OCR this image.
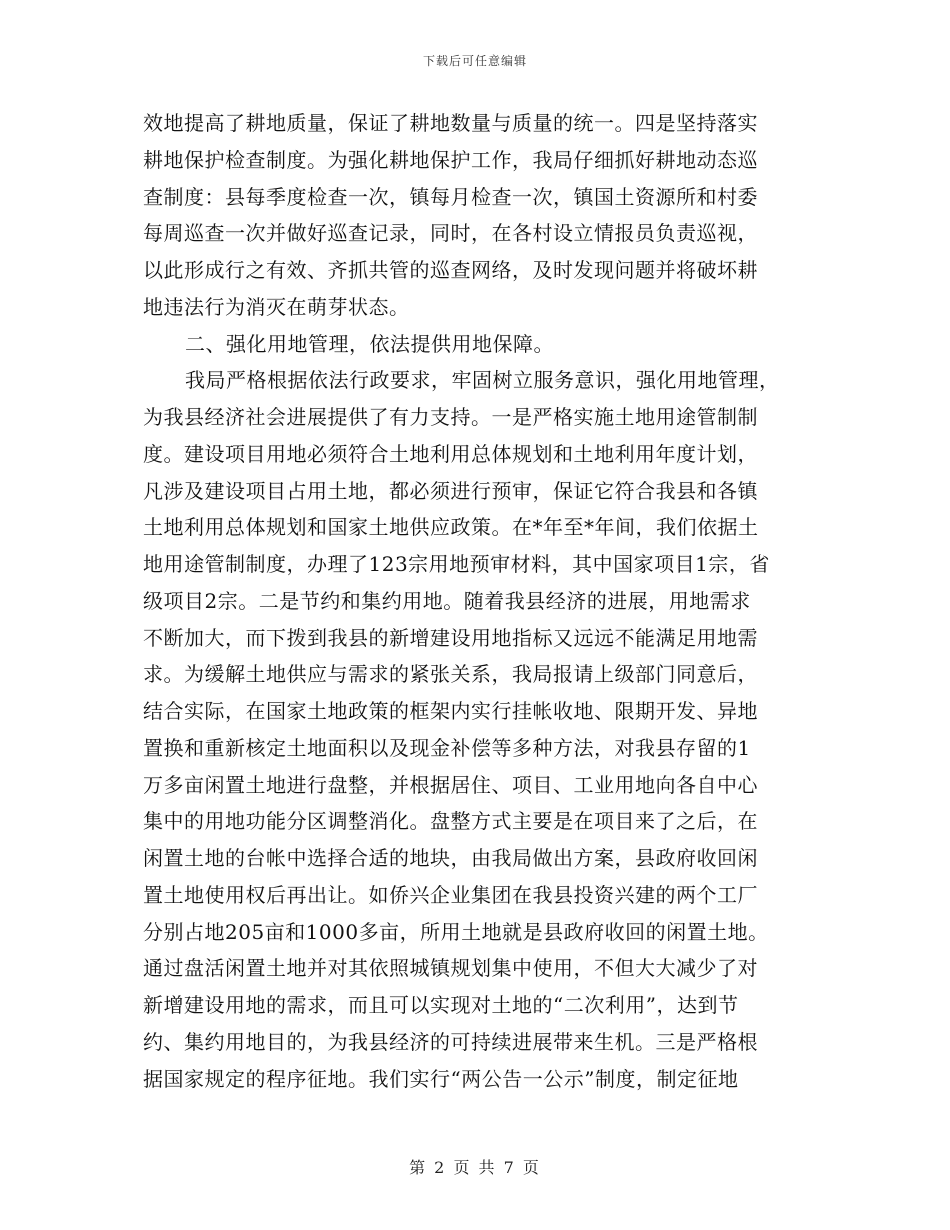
下载后可任意编辑
效地提高了耕地质量，保证了耕地数量与质量的统一。四是坚持落实
耕地保护检查制度。为强化耕地保护工作，我局仔细抓好耕地动态巡
查制度：县每季度检查一次，镇每月检查一次，镇国土资源所和村委
每周巡查一次并做好巡查记录，同时，在各村设立情报员负责巡视，
以此形成行之有效、齐抓共管的巡查网络，及时发现问题并将破坏耕
地违法行为消灭在萌芽状态。
二、强化用地管理，依法提供用地保障。
我局严格根据依法行政要求，牢固树立服务意识，强化用地管理，
为我县经济社会进展提供了有力支持。一是严格实施土地用途管制制
度。建设项目用地必须符合土地利用总体规划和土地利用年度计划，
凡涉及建设项目占用土地，都必须进行预审，保证它符合我县和各镇
土地利用总体规划和国家土地供应政策。在*年至*年间，我们依据土
地用途管制制度，办理了123宗用地预审材料，其中国家项目1宗，省
级项目2宗。二是节约和集约用地。随着我县经济的进展，用地需求
不断加大，而下拨到我县的新增建设用地指标又远远不能满足用地需
求。为缓解土地供应与需求的紧张关系，我局报请上级部门同意后，
结合实际，在国家土地政策的框架内实行挂帐收地、限期开发、异地
置换和重新核定土地面积以及现金补偿等多种方法，对我县存留的1
万多亩闲置土地进行盘整，并根据居住、项目、工业用地向各自中心
集中的用地功能分区调整消化。盘整方式主要是在项目来了之后，在
闲置土地的台帐中选择合适的地块，由我局做出方案，县政府收回闲
置土地使用权后再出让。如侨兴企业集团在我县投资兴建的两个工厂
分别占地205亩和1000多亩，所用土地就是县政府收回的闲置土地。
通过盘活闲置土地并对其依照城镇规划集中使用，不但大大减少了对
新增建设用地的需求，而且可以实现对土地的“二次利用”，达到节
约、集约用地目的，为我县经济的可持续进展带来生机。三是严格根
据国家规定的程序征地。我们实行“两公告一公示”制度，制定征地
第 2 页 共 7 页
